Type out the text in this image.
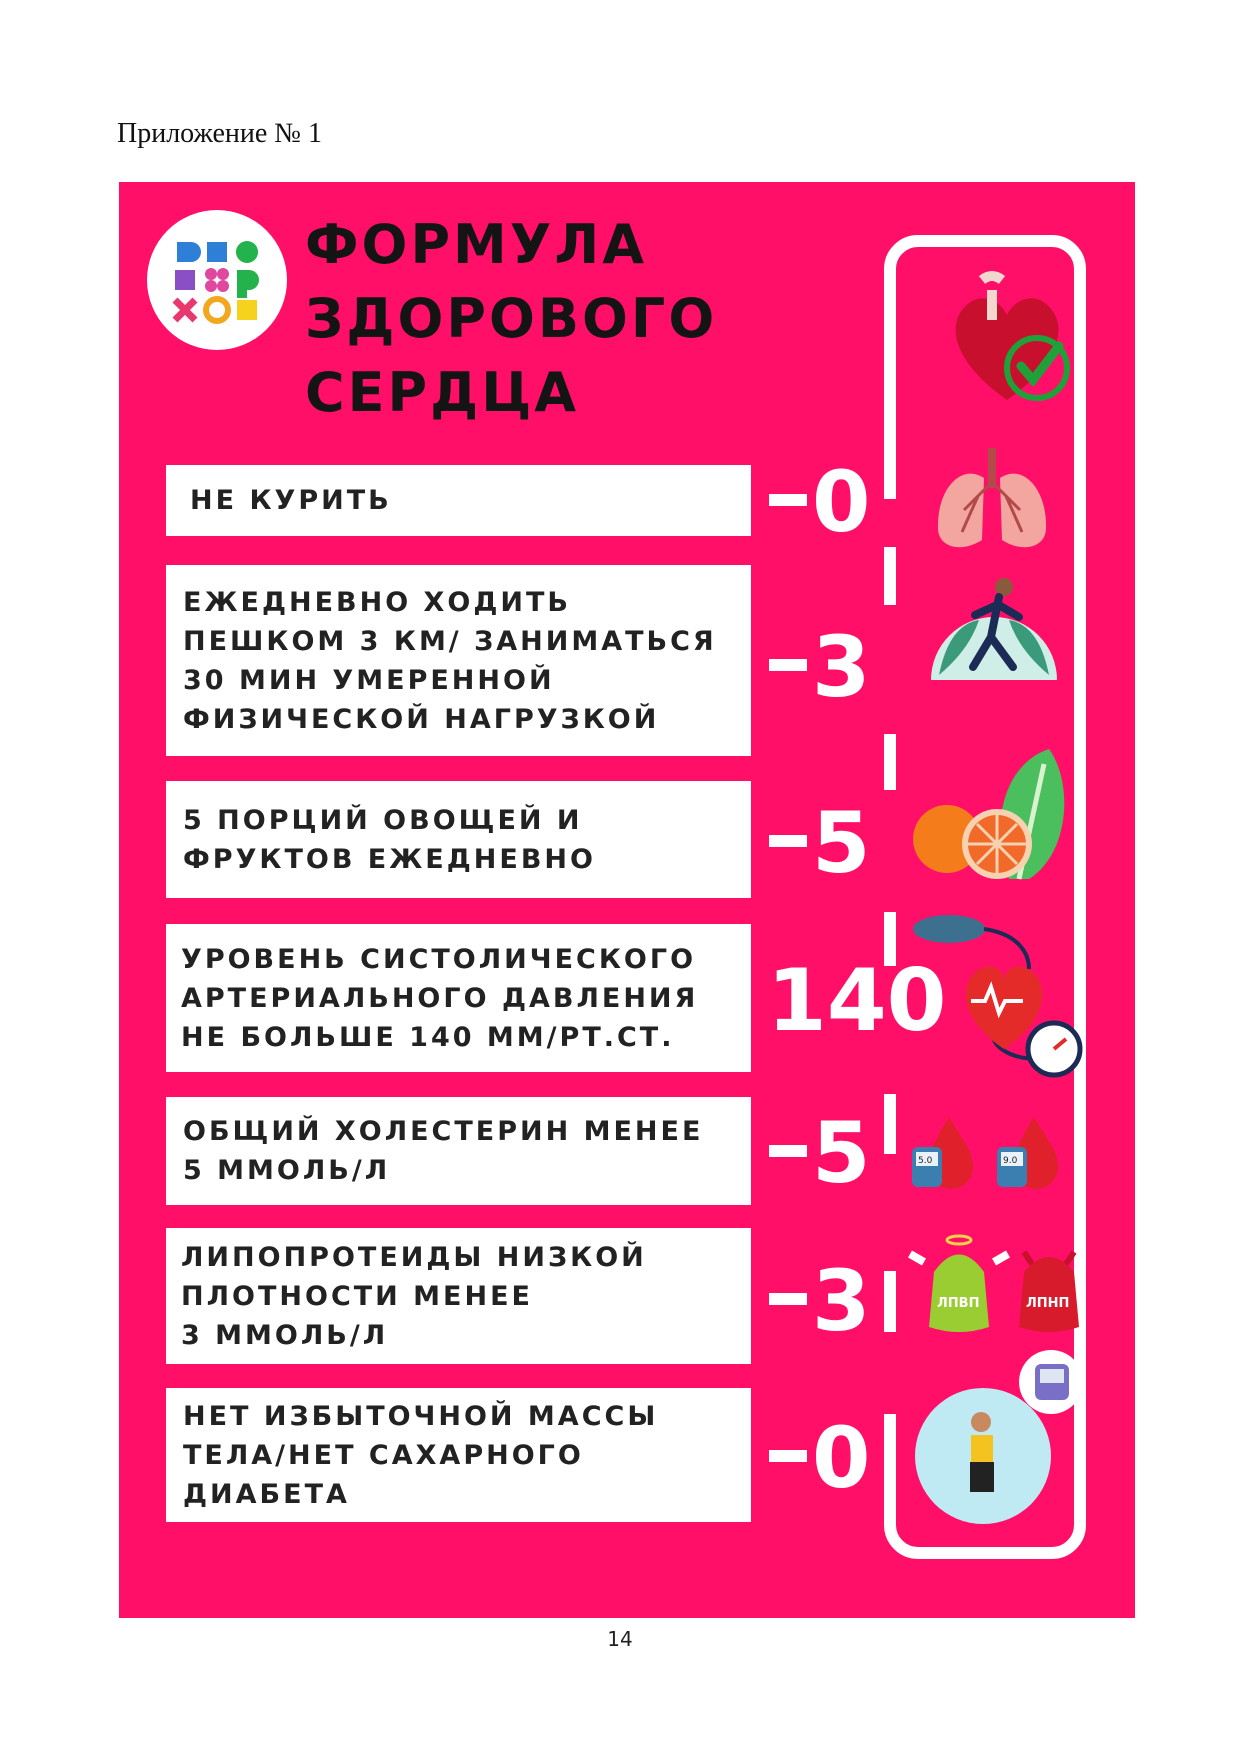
Приложение № 1
ФОРМУЛА
ЗДОРОВОГО
СЕРДЦА
0
3
5
140
5
3
0
НЕ КУРИТЬ
ЕЖЕДНЕВНО ХОДИТЬ
ПЕШКОМ 3 КМ/ ЗАНИМАТЬСЯ
30 МИН УМЕРЕННОЙ
ФИЗИЧЕСКОЙ НАГРУЗКОЙ
5 ПОРЦИЙ ОВОЩЕЙ И
ФРУКТОВ ЕЖЕДНЕВНО
УРОВЕНЬ СИСТОЛИЧЕСКОГО
АРТЕРИАЛЬНОГО ДАВЛЕНИЯ
НЕ БОЛЬШЕ 140 ММ/РТ.СТ.
ОБЩИЙ ХОЛЕСТЕРИН МЕНЕЕ
5 ММОЛЬ/Л
ЛИПОПРОТЕИДЫ НИЗКОЙ
ПЛОТНОСТИ МЕНЕЕ
3 ММОЛЬ/Л
НЕТ ИЗБЫТОЧНОЙ МАССЫ
ТЕЛА/НЕТ САХАРНОГО
ДИАБЕТА
5.0	9.0
ЛПВП	ЛПНП
14
